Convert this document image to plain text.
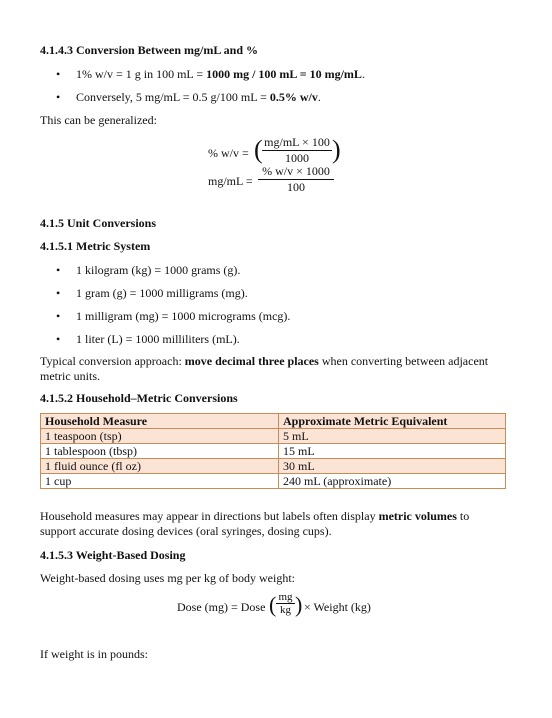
4.1.4.3 Conversion Between mg/mL and %
• 1% w/v = 1 g in 100 mL = 1000 mg / 100 mL = 10 mg/mL.
• Conversely, 5 mg/mL = 0.5 g/100 mL = 0.5% w/v.
This can be generalized:
% w/v = ( mg/mL × 100
1000 )
mg/mL =
% w/v × 1000
100
4.1.5 Unit Conversions
4.1.5.1 Metric System
• 1 kilogram (kg) = 1000 grams (g).
• 1 gram (g) = 1000 milligrams (mg).
• 1 milligram (mg) = 1000 micrograms (mcg).
• 1 liter (L) = 1000 milliliters (mL).
Typical conversion approach: move decimal three places when converting between adjacent
metric units.
4.1.5.2 Household–Metric Conversions
Household Measure	Approximate Metric Equivalent
1 teaspoon (tsp)	5 mL
1 tablespoon (tbsp)	15 mL
1 fluid ounce (fl oz)	30 mL
1 cup	240 mL (approximate)
Household measures may appear in directions but labels often display metric volumes to
support accurate dosing devices (oral syringes, dosing cups).
4.1.5.3 Weight-Based Dosing
Weight-based dosing uses mg per kg of body weight:
Dose (mg) = Dose ( mg
kg ) × Weight (kg)
If weight is in pounds:
